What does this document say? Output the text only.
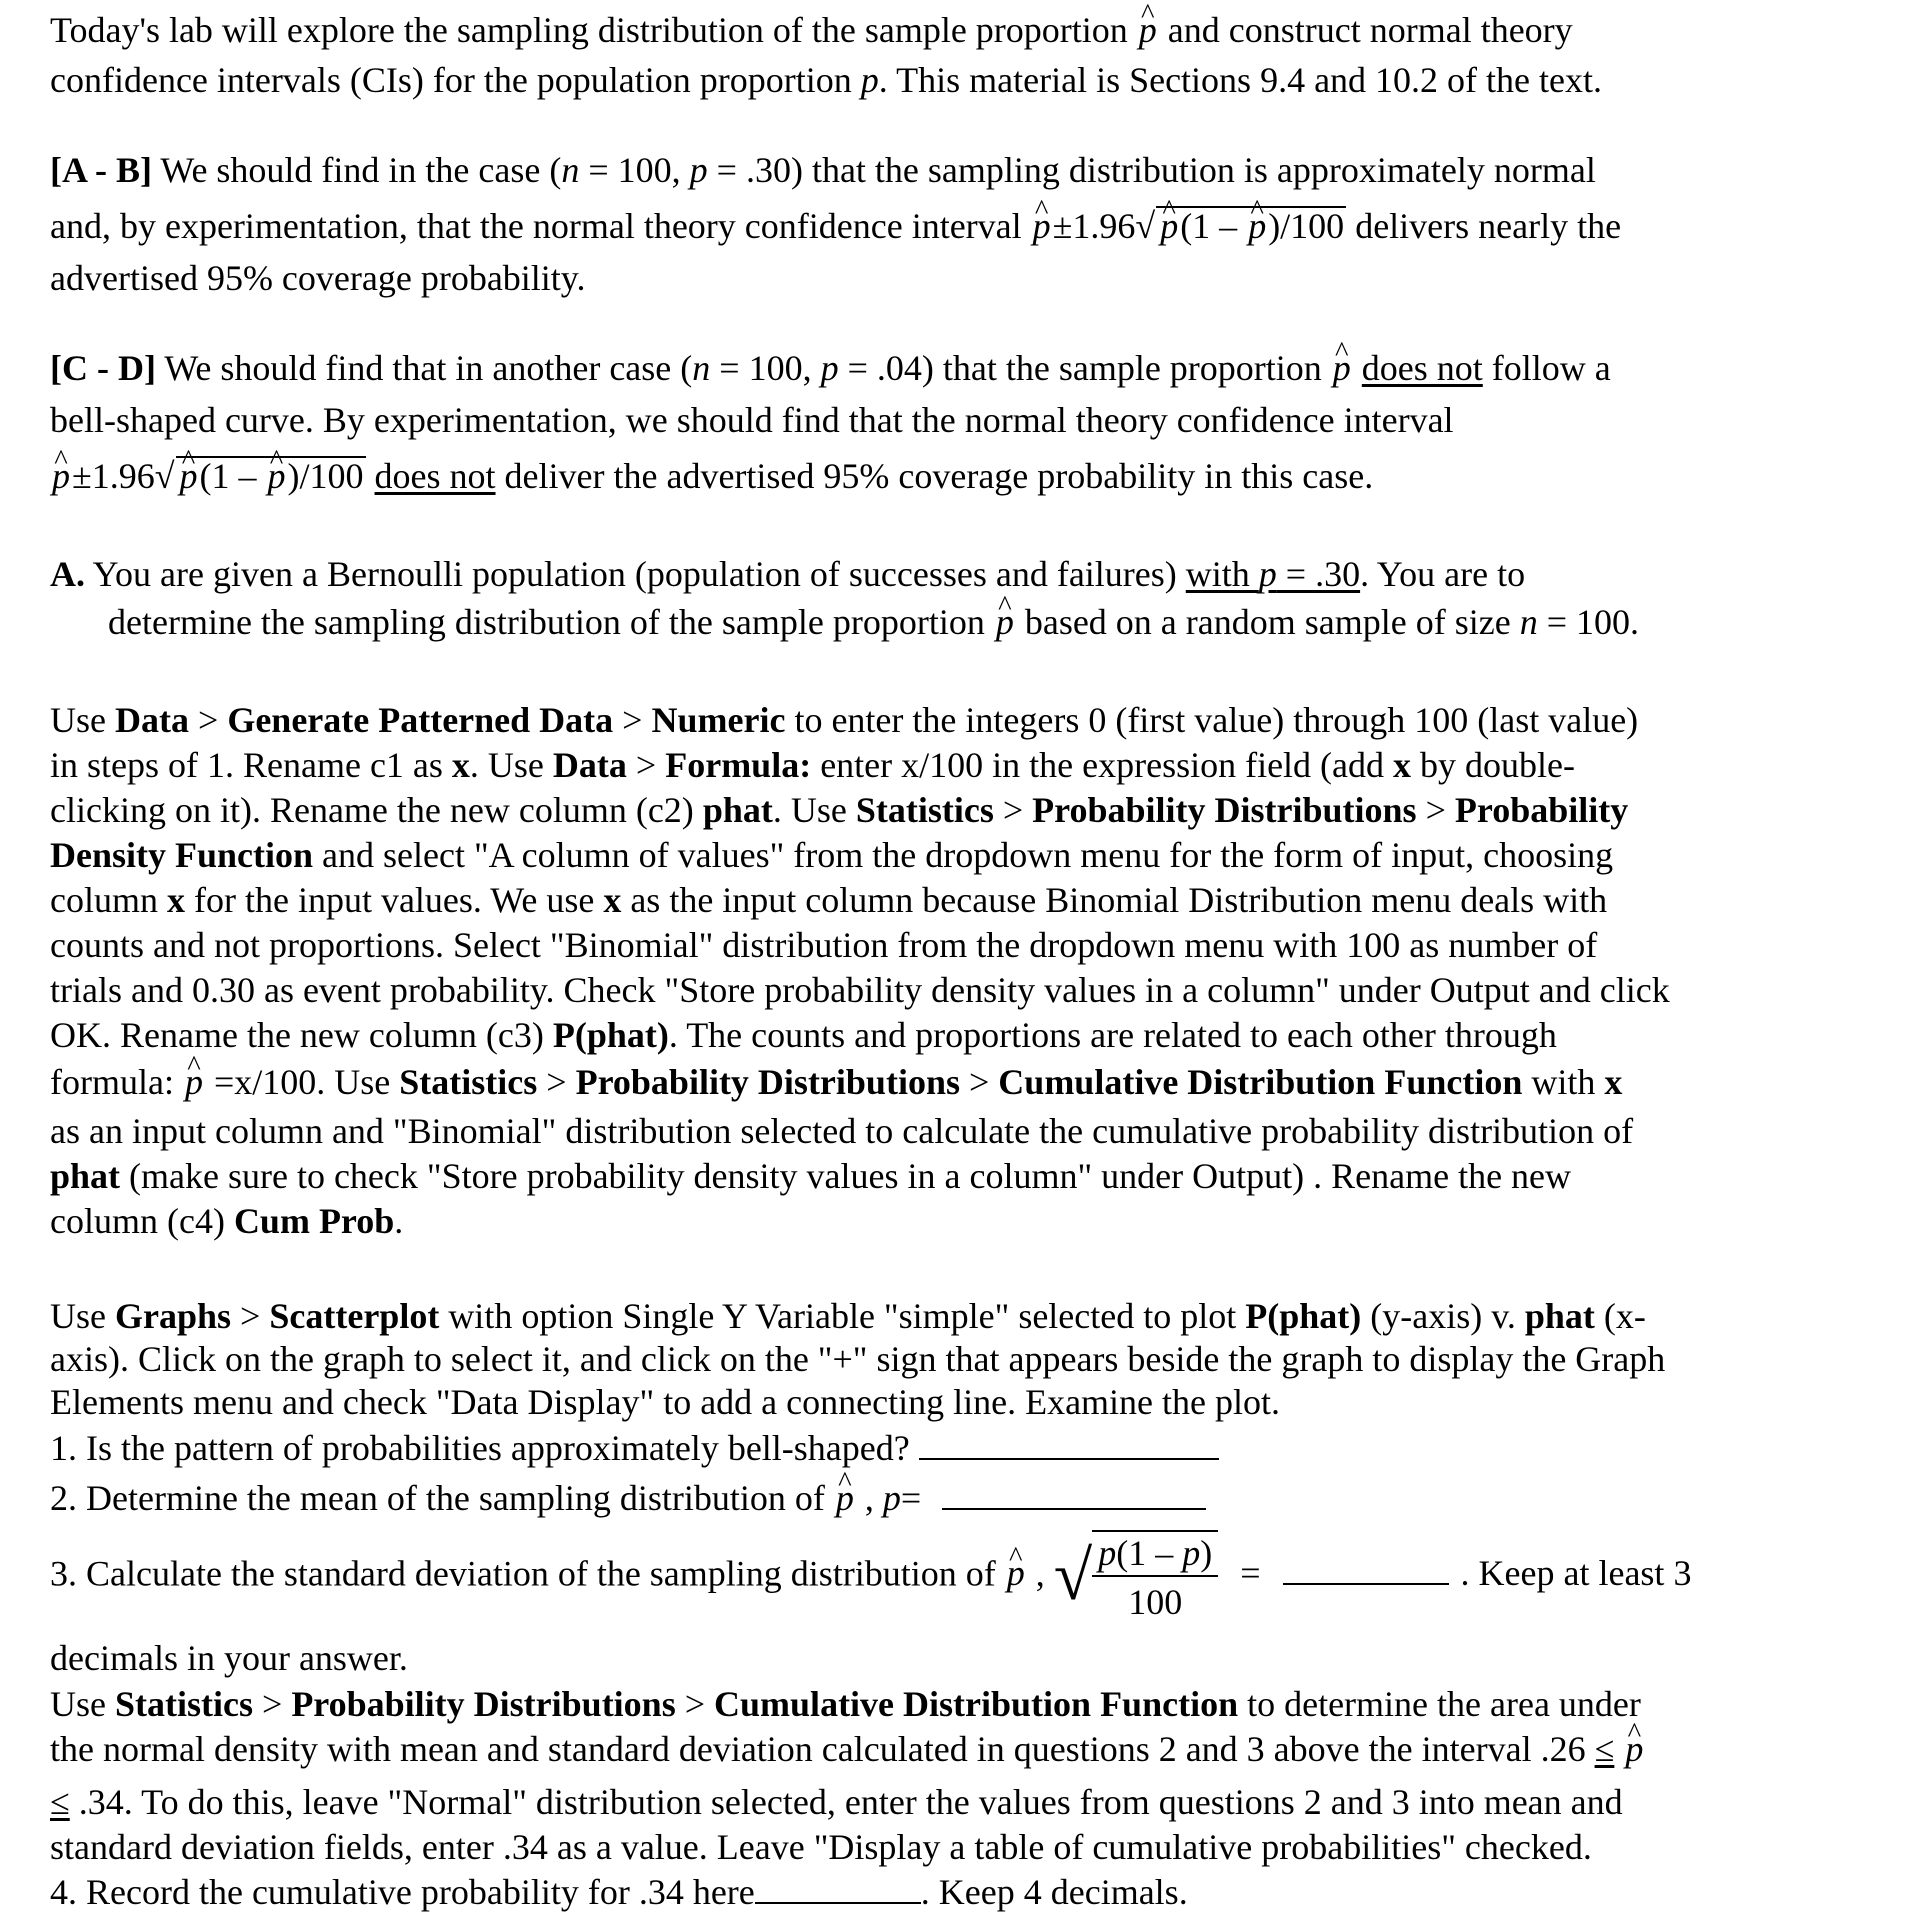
Today's lab will explore the sampling distribution of the sample proportion ^ p and construct normal theory
confidence intervals (CIs) for the population proportion p. This material is Sections 9.4 and 10.2 of the text.
[A - B] We should find in the case (n = 100, p = .30) that the sampling distribution is approximately normal
and, by experimentation, that the normal theory confidence interval ^ p±1.96√ ^ p(1 – ^ p)/100 delivers nearly the
advertised 95% coverage probability.
[C - D] We should find that in another case (n = 100, p = .04) that the sample proportion ^ p does not follow a
bell-shaped curve. By experimentation, we should find that the normal theory confidence interval
^ p±1.96√ ^ p(1 – ^ p)/100 does not deliver the advertised 95% coverage probability in this case.
A. You are given a Bernoulli population (population of successes and failures) with p = .30. You are to
determine the sampling distribution of the sample proportion ^ p based on a random sample of size n = 100.
Use Data > Generate Patterned Data > Numeric to enter the integers 0 (first value) through 100 (last value)
in steps of 1. Rename c1 as x. Use Data > Formula: enter x/100 in the expression field (add x by double-
clicking on it). Rename the new column (c2) phat. Use Statistics > Probability Distributions > Probability
Density Function and select "A column of values" from the dropdown menu for the form of input, choosing
column x for the input values. We use x as the input column because Binomial Distribution menu deals with
counts and not proportions. Select "Binomial" distribution from the dropdown menu with 100 as number of
trials and 0.30 as event probability. Check "Store probability density values in a column" under Output and click
OK. Rename the new column (c3) P(phat). The counts and proportions are related to each other through
formula: ^ p =x/100. Use Statistics > Probability Distributions > Cumulative Distribution Function with x
as an input column and "Binomial" distribution selected to calculate the cumulative probability distribution of
phat (make sure to check "Store probability density values in a column" under Output) . Rename the new
column (c4) Cum Prob.
Use Graphs > Scatterplot with option Single Y Variable "simple" selected to plot P(phat) (y-axis) v. phat (x-
axis). Click on the graph to select it, and click on the "+" sign that appears beside the graph to display the Graph
Elements menu and check "Data Display" to add a connecting line. Examine the plot.
1. Is the pattern of probabilities approximately bell-shaped?
2. Determine the mean of the sampling distribution of ^ p , p=
3. Calculate the standard deviation of the sampling distribution of ^ p , √ $\frac{p(1 - p)}{100}$ =	. Keep at least 3
decimals in your answer.
Use Statistics > Probability Distributions > Cumulative Distribution Function to determine the area under
the normal density with mean and standard deviation calculated in questions 2 and 3 above the interval .26 ≤ ^ p
≤ .34. To do this, leave "Normal" distribution selected, enter the values from questions 2 and 3 into mean and
standard deviation fields, enter .34 as a value. Leave "Display a table of cumulative probabilities" checked.
4. Record the cumulative probability for .34 here	. Keep 4 decimals.
